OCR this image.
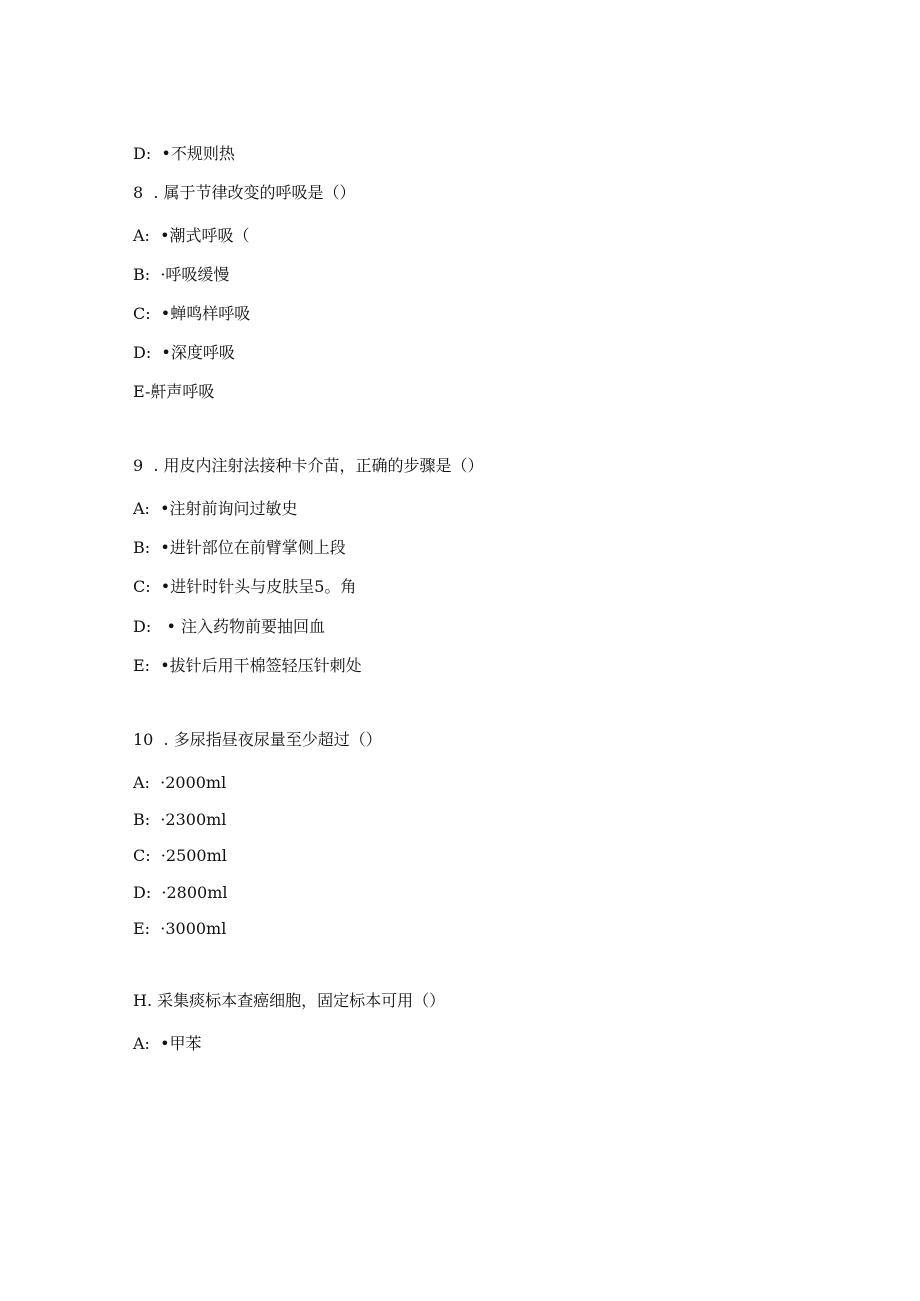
D:  •不规则热
8  . 属于节律改变的呼吸是（）
A:  •潮式呼吸（
B:  ·呼吸缓慢
C:  •蝉鸣样呼吸
D:  •深度呼吸
E-鼾声呼吸
9  . 用皮内注射法接种卡介苗，正确的步骤是（）
A:  •注射前询问过敏史
B:  •进针部位在前臂掌侧上段
C:  •进针时针头与皮肤呈5。角
D:   • 注入药物前要抽回血
E:  •拔针后用干棉签轻压针刺处
10  . 多尿指昼夜尿量至少超过（）
A:  ·2000ml
B:  ·2300ml
C:  ·2500ml
D:  ·2800ml
E:  ·3000ml
H. 采集痰标本查癌细胞，固定标本可用（）
A:  •甲苯
